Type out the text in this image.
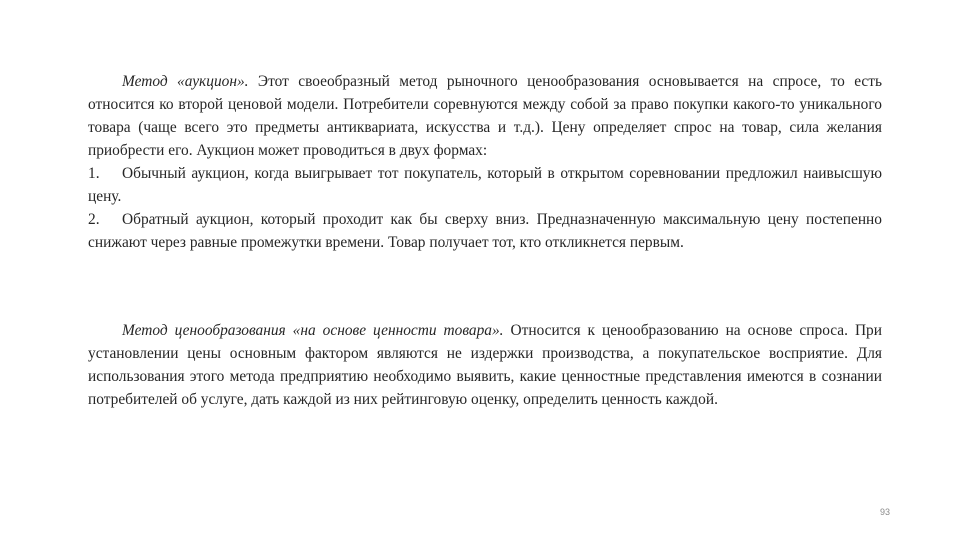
Метод «аукцион». Этот своеобразный метод рыночного ценообразования основывается на спросе, то есть относится ко второй ценовой модели. Потребители соревнуются между собой за право покупки какого-то уникального товара (чаще всего это предметы антиквариата, искусства и т.д.). Цену определяет спрос на товар, сила желания приобрести его. Аукцион может проводиться в двух формах:

1. Обычный аукцион, когда выигрывает тот покупатель, который в открытом соревновании предложил наивысшую цену.

2. Обратный аукцион, который проходит как бы сверху вниз. Предназначенную максимальную цену постепенно снижают через равные промежутки времени. Товар получает тот, кто откликнется первым.

Метод ценообразования «на основе ценности товара». Относится к ценообразованию на основе спроса. При установлении цены основным фактором являются не издержки производства, а покупательское восприятие. Для использования этого метода предприятию необходимо выявить, какие ценностные представления имеются в сознании потребителей об услуге, дать каждой из них рейтинговую оценку, определить ценность каждой.

93
